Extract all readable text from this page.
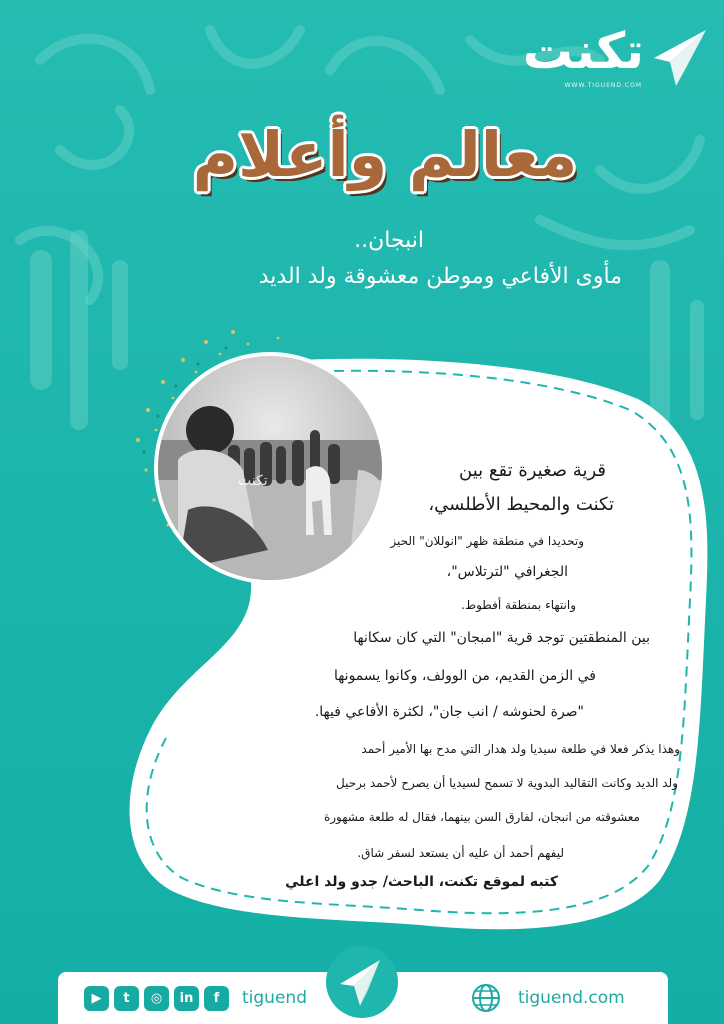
تكنت
WWW.TIGUEND.COM
معالم وأعلام
انبجان..
مأوى الأفاعي وموطن معشوقة ولد الديد
تكنت	قرية صغيرة تقع بين
تكنت والمحيط الأطلسي،
وتحديدا في منطقة ظهر "انوللان" الحيز
الجغرافي "لترتلاس"،
وانتهاء بمنطقة أفطوط.
بين المنطقتين توجد قرية "امبجان" التي كان سكانها
في الزمن القديم، من الوولف، وكانوا يسمونها
"صرة لحنوشه / انب جان"، لكثرة الأفاعي فيها.
وهذا يذكر فعلا في طلعة سيديا ولد هدار التي مدح بها الأمير أحمد
ولد الديد وكانت التقاليد البدوية لا تسمح لسيديا أن يصرح لأحمد برحيل
معشوقته من انبجان، لفارق السن بينهما، فقال له طلعة مشهورة
ليفهم أحمد أن عليه أن يستعد لسفر شاق.
كتبه لموقع تكنت، الباحث/ جدو ولد اعلي
▶	t	◎	in	f	tiguend	tiguend.com
